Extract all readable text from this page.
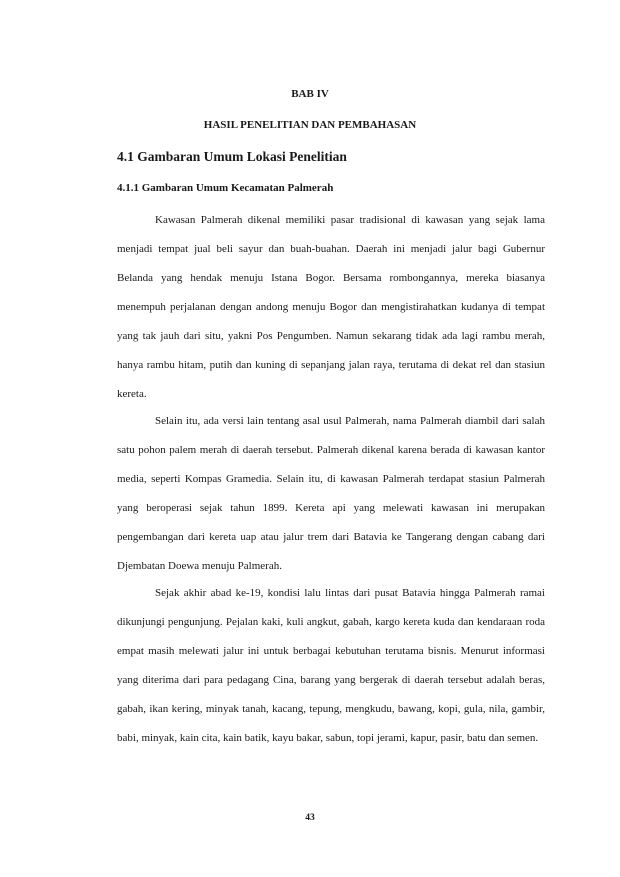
BAB IV
HASIL PENELITIAN DAN PEMBAHASAN
4.1 Gambaran Umum Lokasi Penelitian
4.1.1 Gambaran Umum Kecamatan Palmerah

Kawasan Palmerah dikenal memiliki pasar tradisional di kawasan yang sejak lama menjadi tempat jual beli sayur dan buah-buahan. Daerah ini menjadi jalur bagi Gubernur Belanda yang hendak menuju Istana Bogor. Bersama rombongannya, mereka biasanya menempuh perjalanan dengan andong menuju Bogor dan mengistirahatkan kudanya di tempat yang tak jauh dari situ, yakni Pos Pengumben. Namun sekarang tidak ada lagi rambu merah, hanya rambu hitam, putih dan kuning di sepanjang jalan raya, terutama di dekat rel dan stasiun kereta.

Selain itu, ada versi lain tentang asal usul Palmerah, nama Palmerah diambil dari salah satu pohon palem merah di daerah tersebut. Palmerah dikenal karena berada di kawasan kantor media, seperti Kompas Gramedia. Selain itu, di kawasan Palmerah terdapat stasiun Palmerah yang beroperasi sejak tahun 1899. Kereta api yang melewati kawasan ini merupakan pengembangan dari kereta uap atau jalur trem dari Batavia ke Tangerang dengan cabang dari Djembatan Doewa menuju Palmerah.

Sejak akhir abad ke-19, kondisi lalu lintas dari pusat Batavia hingga Palmerah ramai dikunjungi pengunjung. Pejalan kaki, kuli angkut, gabah, kargo kereta kuda dan kendaraan roda empat masih melewati jalur ini untuk berbagai kebutuhan terutama bisnis. Menurut informasi yang diterima dari para pedagang Cina, barang yang bergerak di daerah tersebut adalah beras, gabah, ikan kering, minyak tanah, kacang, tepung, mengkudu, bawang, kopi, gula, nila, gambir, babi, minyak, kain cita, kain batik, kayu bakar, sabun, topi jerami, kapur, pasir, batu dan semen.

43
